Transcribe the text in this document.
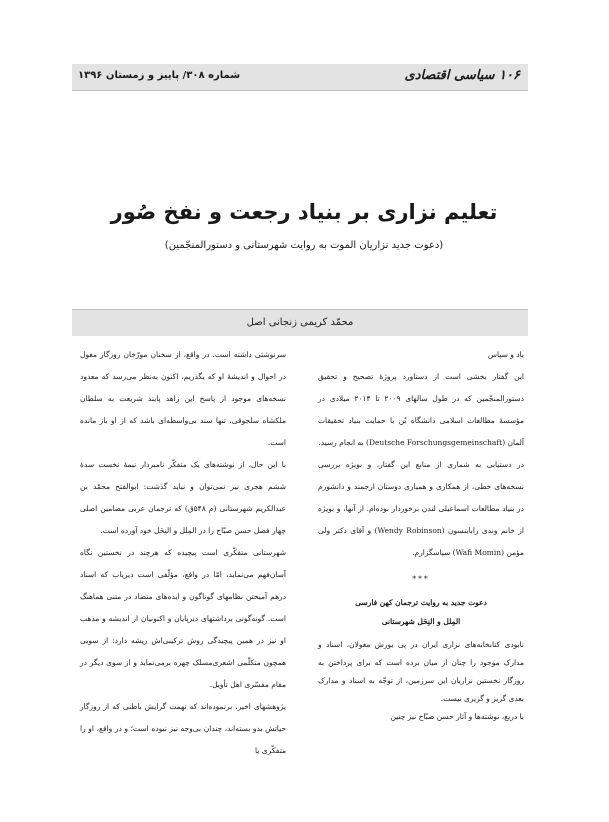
۱۰۶ سیاسی اقتصادی
شماره ۳۰۸/ پاییز و زمستان ۱۳۹۶
تعلیم نزاری بر بنیاد رجعت و نفخ صُور
(دعوت جدید نزاریان الموت به روایت شهرستانی و دستورالمنجّمین)
محمّد کریمی زنجانی اصل

یاد و سپاس

این گفتار بخشی است از دستاورد پروژهٔ تصحیح و تحقیق دستورالمنجّمین که در طول سالهای ۲۰۰۹ تا ۲۰۱۴ میلادی در مؤسسهٔ مطالعات اسلامی دانشگاه بُن با حمایت بنیاد تحقیقات آلمان (Deutsche Forschungsgemeinschaft) به انجام رسید.

در دستیابی به شماری از منابع این گفتار، و بویژه بررسی نسخه‌های خطی، از همکاری و همیاری دوستان ارجمند و دانشورم در بنیاد مطالعات اسماعیلی لندن برخوردار بوده‌ام. از آنها، و بویژه از خانم وندی راباینسون (Wendy Robinson) و آقای دکتر ولی مؤمن (Wafi Momin) سپاسگزارم.

***

دعوت جدید به روایت ترجمان کهن فارسی

المِلل و النِحَل شهرستانی

نابودی کتابخانه‌های نزاری ایران در پی یورش مغولان، اسناد و مدارک موجود را چنان از میان برده است که برای پرداختن به روزگار نخستین نزاریان این سرزمین، از توجّه به اسناد و مدارک بعدی گریز و گزیری نیست.

با دریغ، نوشته‌ها و آثار حسن صبّاح نیز چنین

سرنوشتی داشته است. در واقع، از سخنان مورّخان روزگار مغول در احوال و اندیشهٔ او که بگذریم، اکنون به‌نظر می‌رسد که معدود نسخه‌های موجود از پاسخ این زاهد پابند شریعت به سلطان ملکشاه سلجوقی، تنها سند بی‌واسطه‌ای باشد که از او باز مانده است.

با این حال، از نوشته‌های یک متفکّر نامبردار نیمهٔ نخست سدهٔ ششم هجری نیز نمی‌توان و نباید گذشت: ابوالفتح محمّد بن عبدالکریم شهرستانی (م ۵۴۸ق) که ترجمان عربی مضامین اصلی چهار فصل حسن صبّاح را در المِلل و النِحَل خود آورده است.

شهرستانی متفکّری است پیچیده که هرچند در نخستین نگاه آسان‌فهم می‌نماید، امّا در واقع، مؤلّفی است دیریاب که اسناد درهم آمیختن نظامهای گوناگون و ایده‌های متضاد در متنی هماهنگ است. گونه‌گونی برداشتهای دیرپایان و اکنونیان از اندیشه و مذهب او نیز در همین پیچیدگی روش ترکیبی‌اش ریشه دارد: از سویی همچون متکلّمی اشعری‌مسلک چهره برمی‌نماید و از سوی دیگر در مقام مفسّری اهل تأویل.

پژوهشهای اخیر، برنموده‌اند که تهمت گرایش باطنی که از روزگار حیاتش بدو بسته‌اند، چندان بی‌وجه نیز نبوده است؛ و در واقع، او را متفکّری با
